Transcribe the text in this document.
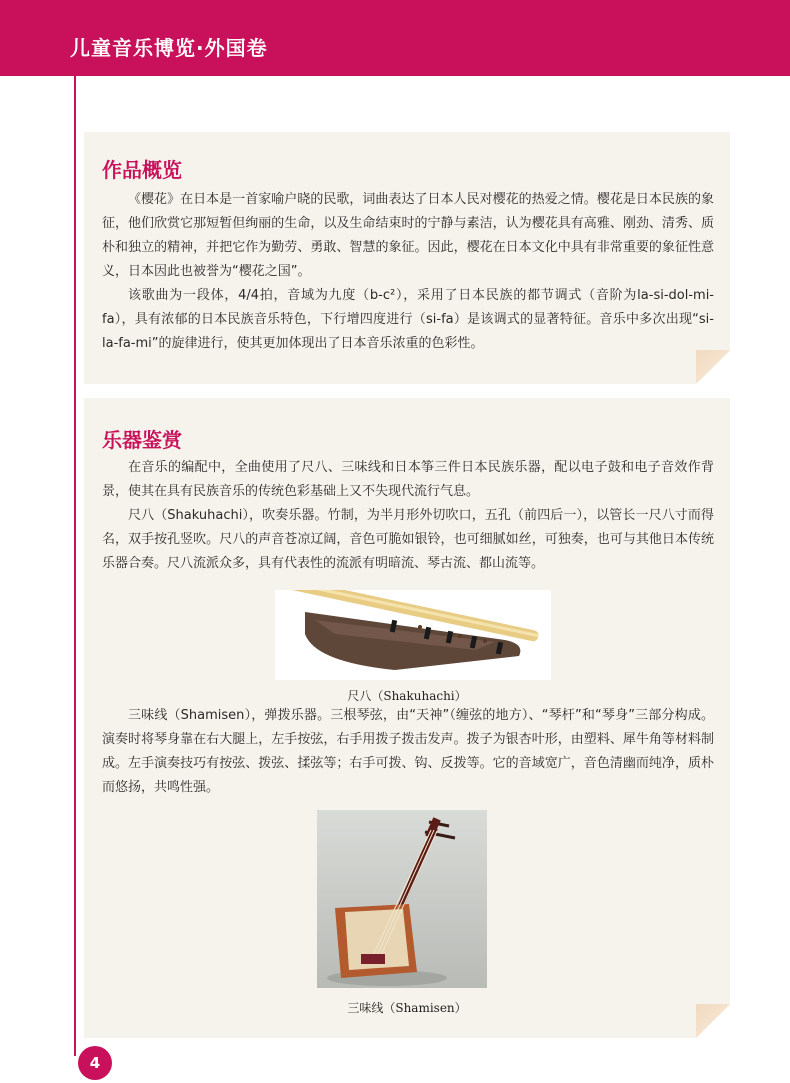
儿童音乐博览·外国卷
作品概览

《樱花》在日本是一首家喻户晓的民歌，词曲表达了日本人民对樱花的热爱之情。樱花是日本民族的象征，他们欣赏它那短暂但绚丽的生命，以及生命结束时的宁静与素洁，认为樱花具有高雅、刚劲、清秀、质朴和独立的精神，并把它作为勤劳、勇敢、智慧的象征。因此，樱花在日本文化中具有非常重要的象征性意义，日本因此也被誉为“樱花之国”。

该歌曲为一段体，4/4拍，音域为九度（b-c²），采用了日本民族的都节调式（音阶为la-si-dol-mi-fa），具有浓郁的日本民族音乐特色，下行增四度进行（si-fa）是该调式的显著特征。音乐中多次出现“si-la-fa-mi”的旋律进行，使其更加体现出了日本音乐浓重的色彩性。

乐器鉴赏

在音乐的编配中，全曲使用了尺八、三味线和日本筝三件日本民族乐器，配以电子鼓和电子音效作背景，使其在具有民族音乐的传统色彩基础上又不失现代流行气息。

尺八（Shakuhachi），吹奏乐器。竹制，为半月形外切吹口，五孔（前四后一），以管长一尺八寸而得名，双手按孔竖吹。尺八的声音苍凉辽阔，音色可脆如银铃，也可细腻如丝，可独奏，也可与其他日本传统乐器合奏。尺八流派众多，具有代表性的流派有明暗流、琴古流、都山流等。

尺八（Shakuhachi）

三味线（Shamisen），弹拨乐器。三根琴弦，由“天神”（缠弦的地方）、“琴杆”和“琴身”三部分构成。演奏时将琴身靠在右大腿上，左手按弦，右手用拨子拨击发声。拨子为银杏叶形，由塑料、犀牛角等材料制成。左手演奏技巧有按弦、拨弦、揉弦等；右手可拨、钩、反拨等。它的音域宽广，音色清幽而纯净，质朴而悠扬，共鸣性强。

三味线（Shamisen）
4
